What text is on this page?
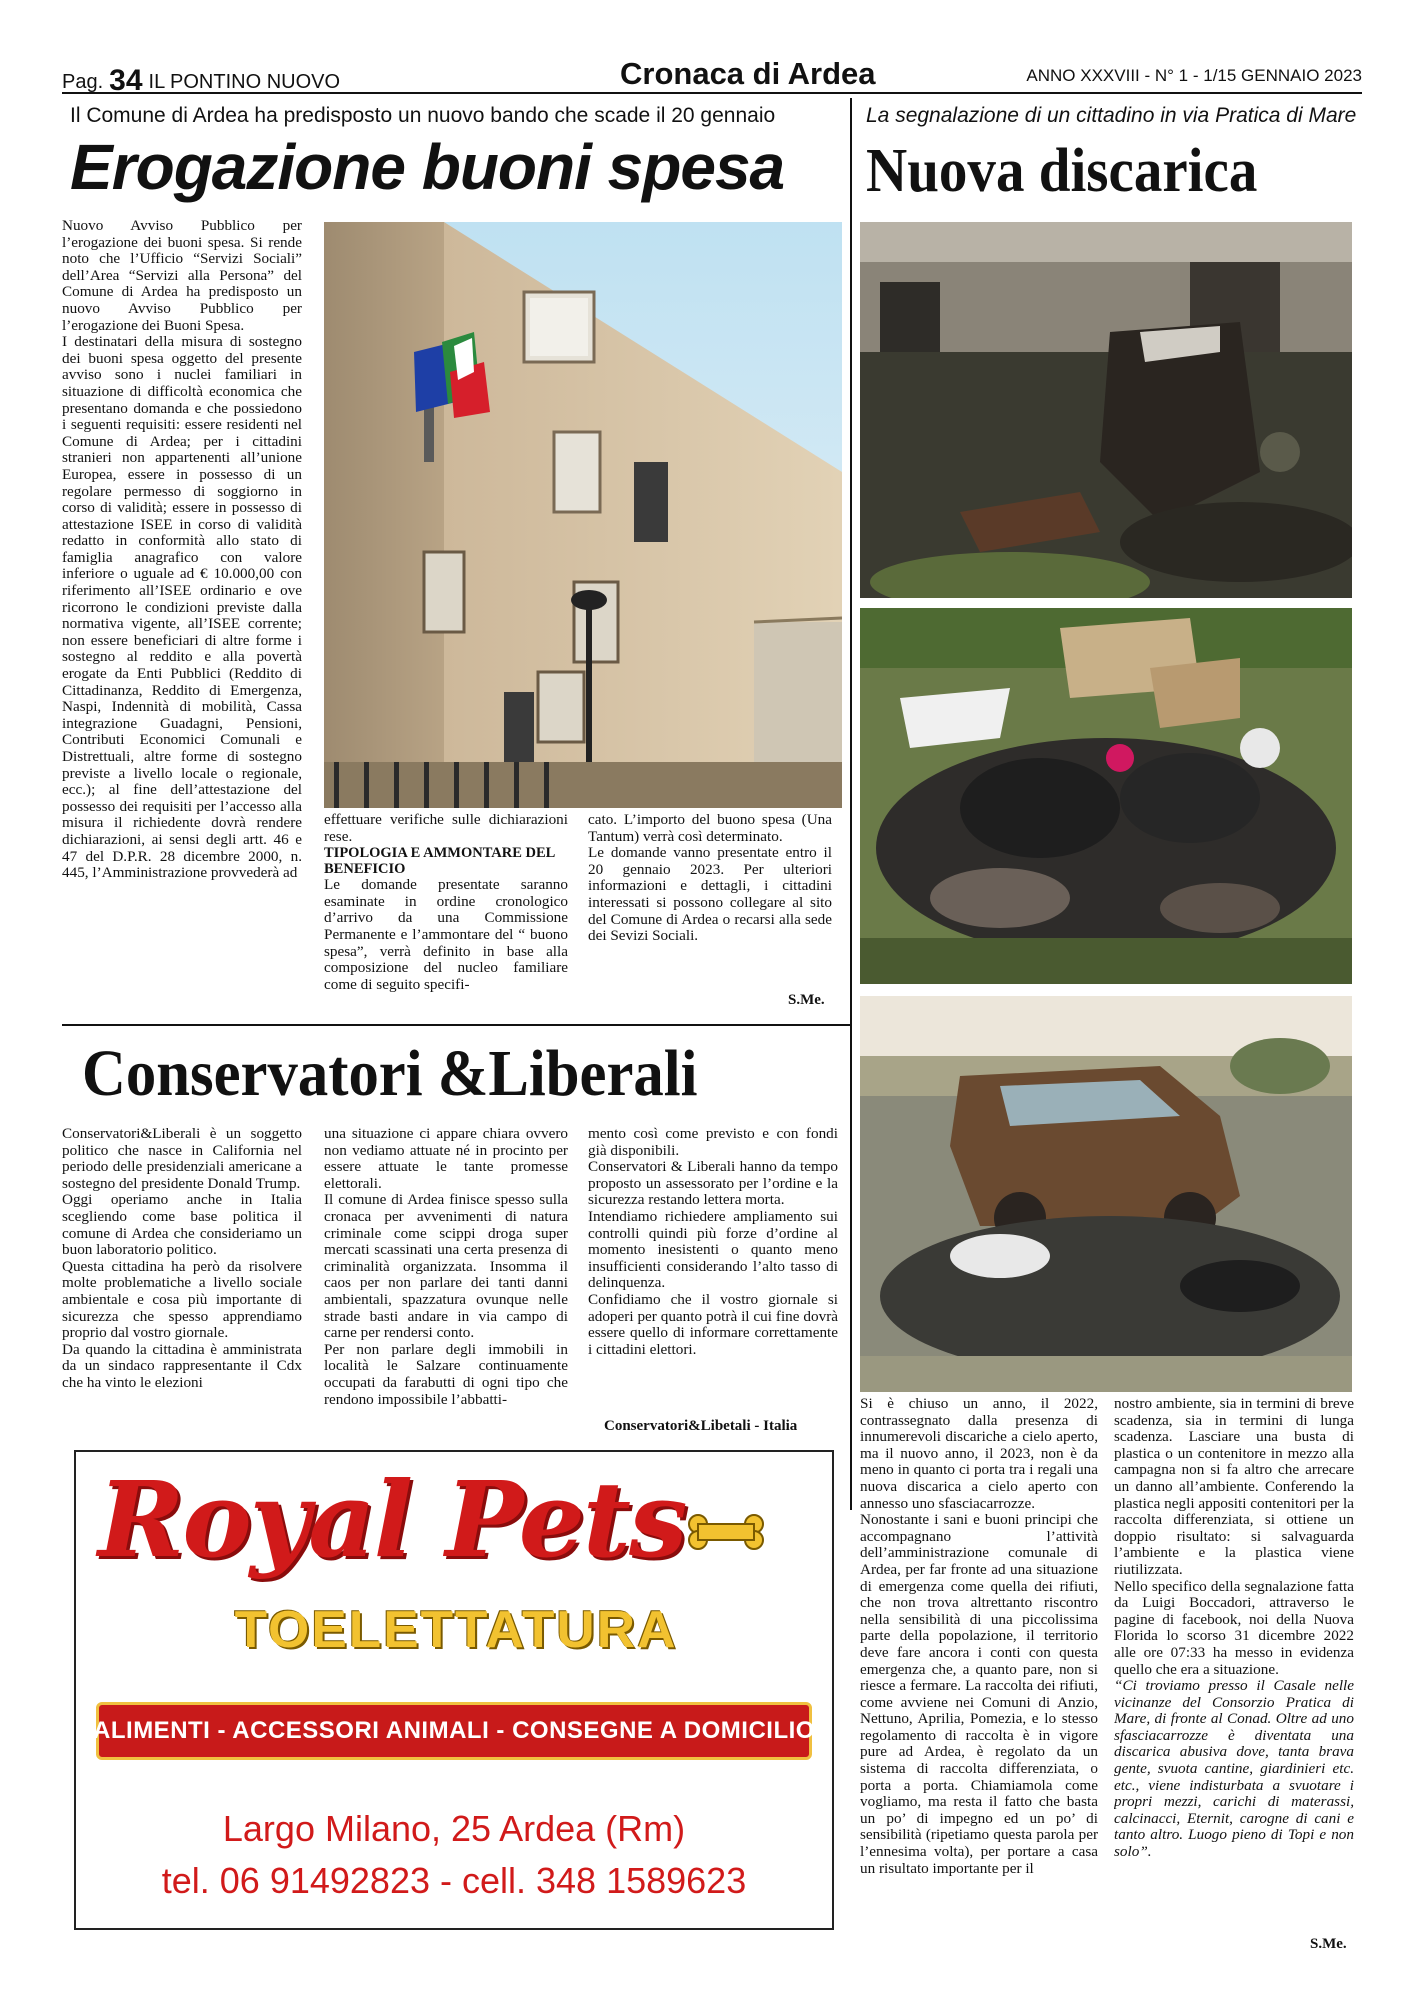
Pag. 34 IL PONTINO NUOVO	Cronaca di Ardea	ANNO XXXVIII - N° 1 - 1/15 GENNAIO 2023
Il Comune di Ardea ha predisposto un nuovo bando che scade il 20 gennaio
Erogazione buoni spesa

Nuovo Avviso Pubblico per l’erogazione dei buoni spesa. Si rende noto che l’Ufficio “Servizi Sociali” dell’Area “Servizi alla Persona” del Comune di Ardea ha predisposto un nuovo Avviso Pubblico per l’erogazione dei Buoni Spesa.

I destinatari della misura di sostegno dei buoni spesa oggetto del presente avviso sono i nuclei familiari in situazione di difficoltà economica che presentano domanda e che possiedono i seguenti requisiti: essere residenti nel Comune di Ardea; per i cittadini stranieri non appartenenti all’unione Europea, essere in possesso di un regolare permesso di soggiorno in corso di validità; essere in possesso di attestazione ISEE in corso di validità redatto in conformità allo stato di famiglia anagrafico con valore inferiore o uguale ad € 10.000,00 con riferimento all’ISEE ordinario e ove ricorrono le condizioni previste dalla normativa vigente, all’ISEE corrente; non essere beneficiari di altre forme i sostegno al reddito e alla povertà erogate da Enti Pubblici (Reddito di Cittadinanza, Reddito di Emergenza, Naspi, Indennità di mobilità, Cassa integrazione Guadagni, Pensioni, Contributi Economici Comunali e Distrettuali, altre forme di sostegno previste a livello locale o regionale, ecc.); al fine dell’attestazione del possesso dei requisiti per l’accesso alla misura il richiedente dovrà rendere dichiarazioni, ai sensi degli artt. 46 e 47 del D.P.R. 28 dicembre 2000, n. 445, l’Amministrazione provvederà ad

effettuare verifiche sulle dichiarazioni rese.

TIPOLOGIA E AMMONTARE DEL BENEFICIO

Le domande presentate saranno esaminate in ordine cronologico d’arrivo da una Commissione Permanente e l’ammontare del “ buono spesa”, verrà definito in base alla composizione del nucleo familiare come di seguito specifi-

cato. L’importo del buono spesa (Una Tantum) verrà così determinato.

Le domande vanno presentate entro il 20 gennaio 2023. Per ulteriori informazioni e dettagli, i cittadini interessati si possono collegare al sito del Comune di Ardea o recarsi alla sede dei Sevizi Sociali.

S.Me.
Conservatori &Liberali

Conservatori&Liberali è un soggetto politico che nasce in California nel periodo delle presidenziali americane a sostegno del presidente Donald Trump.

Oggi operiamo anche in Italia scegliendo come base politica il comune di Ardea che consideriamo un buon laboratorio politico.

Questa cittadina ha però da risolvere molte problematiche a livello sociale ambientale e cosa più importante di sicurezza che spesso apprendiamo proprio dal vostro giornale.

Da quando la cittadina è amministrata da un sindaco rappresentante il Cdx che ha vinto le elezioni

una situazione ci appare chiara ovvero non vediamo attuate né in procinto per essere attuate le tante promesse elettorali.

Il comune di Ardea finisce spesso sulla cronaca per avvenimenti di natura criminale come scippi droga super mercati scassinati una certa presenza di criminalità organizzata. Insomma il caos per non parlare dei tanti danni ambientali, spazzatura ovunque nelle strade basti andare in via campo di carne per rendersi conto.

Per non parlare degli immobili in località le Salzare continuamente occupati da farabutti di ogni tipo che rendono impossibile l’abbatti-

mento così come previsto e con fondi già disponibili.

Conservatori & Liberali hanno da tempo proposto un assessorato per l’ordine e la sicurezza restando lettera morta.

Intendiamo richiedere ampliamento sui controlli quindi più forze d’ordine al momento inesistenti o quanto meno insufficienti considerando l’alto tasso di delinquenza.

Confidiamo che il vostro giornale si adoperi per quanto potrà il cui fine dovrà essere quello di informare correttamente i cittadini elettori.

Conservatori&Libetali - Italia
Royal Pets
TOELETTATURA
ALIMENTI - ACCESSORI ANIMALI - CONSEGNE A DOMICILIO
Largo Milano, 25 Ardea (Rm)
tel. 06 91492823 - cell. 348 1589623
La segnalazione di un cittadino in via Pratica di Mare
Nuova discarica

Si è chiuso un anno, il 2022, contrassegnato dalla presenza di innumerevoli discariche a cielo aperto, ma il nuovo anno, il 2023, non è da meno in quanto ci porta tra i regali una nuova discarica a cielo aperto con annesso uno sfasciacarrozze.

Nonostante i sani e buoni principi che accompagnano l’attività dell’amministrazione comunale di Ardea, per far fronte ad una situazione di emergenza come quella dei rifiuti, che non trova altrettanto riscontro nella sensibilità di una piccolissima parte della popolazione, il territorio deve fare ancora i conti con questa emergenza che, a quanto pare, non si riesce a fermare. La raccolta dei rifiuti, come avviene nei Comuni di Anzio, Nettuno, Aprilia, Pomezia, e lo stesso regolamento di raccolta è in vigore pure ad Ardea, è regolato da un sistema di raccolta differenziata, o porta a porta. Chiamiamola come vogliamo, ma resta il fatto che basta un po’ di impegno ed un po’ di sensibilità (ripetiamo questa parola per l’ennesima volta), per portare a casa un risultato importante per il

nostro ambiente, sia in termini di breve scadenza, sia in termini di lunga scadenza. Lasciare una busta di plastica o un contenitore in mezzo alla campagna non si fa altro che arrecare un danno all’ambiente. Conferendo la plastica negli appositi contenitori per la raccolta differenziata, si ottiene un doppio risultato: si salvaguarda l’ambiente e la plastica viene riutilizzata.

Nello specifico della segnalazione fatta da Luigi Boccadori, attraverso le pagine di facebook, noi della Nuova Florida lo scorso 31 dicembre 2022 alle ore 07:33 ha messo in evidenza quello che era a situazione.

“Ci troviamo presso il Casale nelle vicinanze del Consorzio Pratica di Mare, di fronte al Conad. Oltre ad uno sfasciacarrozze è diventata una discarica abusiva dove, tanta brava gente, svuota cantine, giardinieri etc. etc., viene indisturbata a svuotare i propri mezzi, carichi di materassi, calcinacci, Eternit, carogne di cani e tanto altro. Luogo pieno di Topi e non solo”.

S.Me.
